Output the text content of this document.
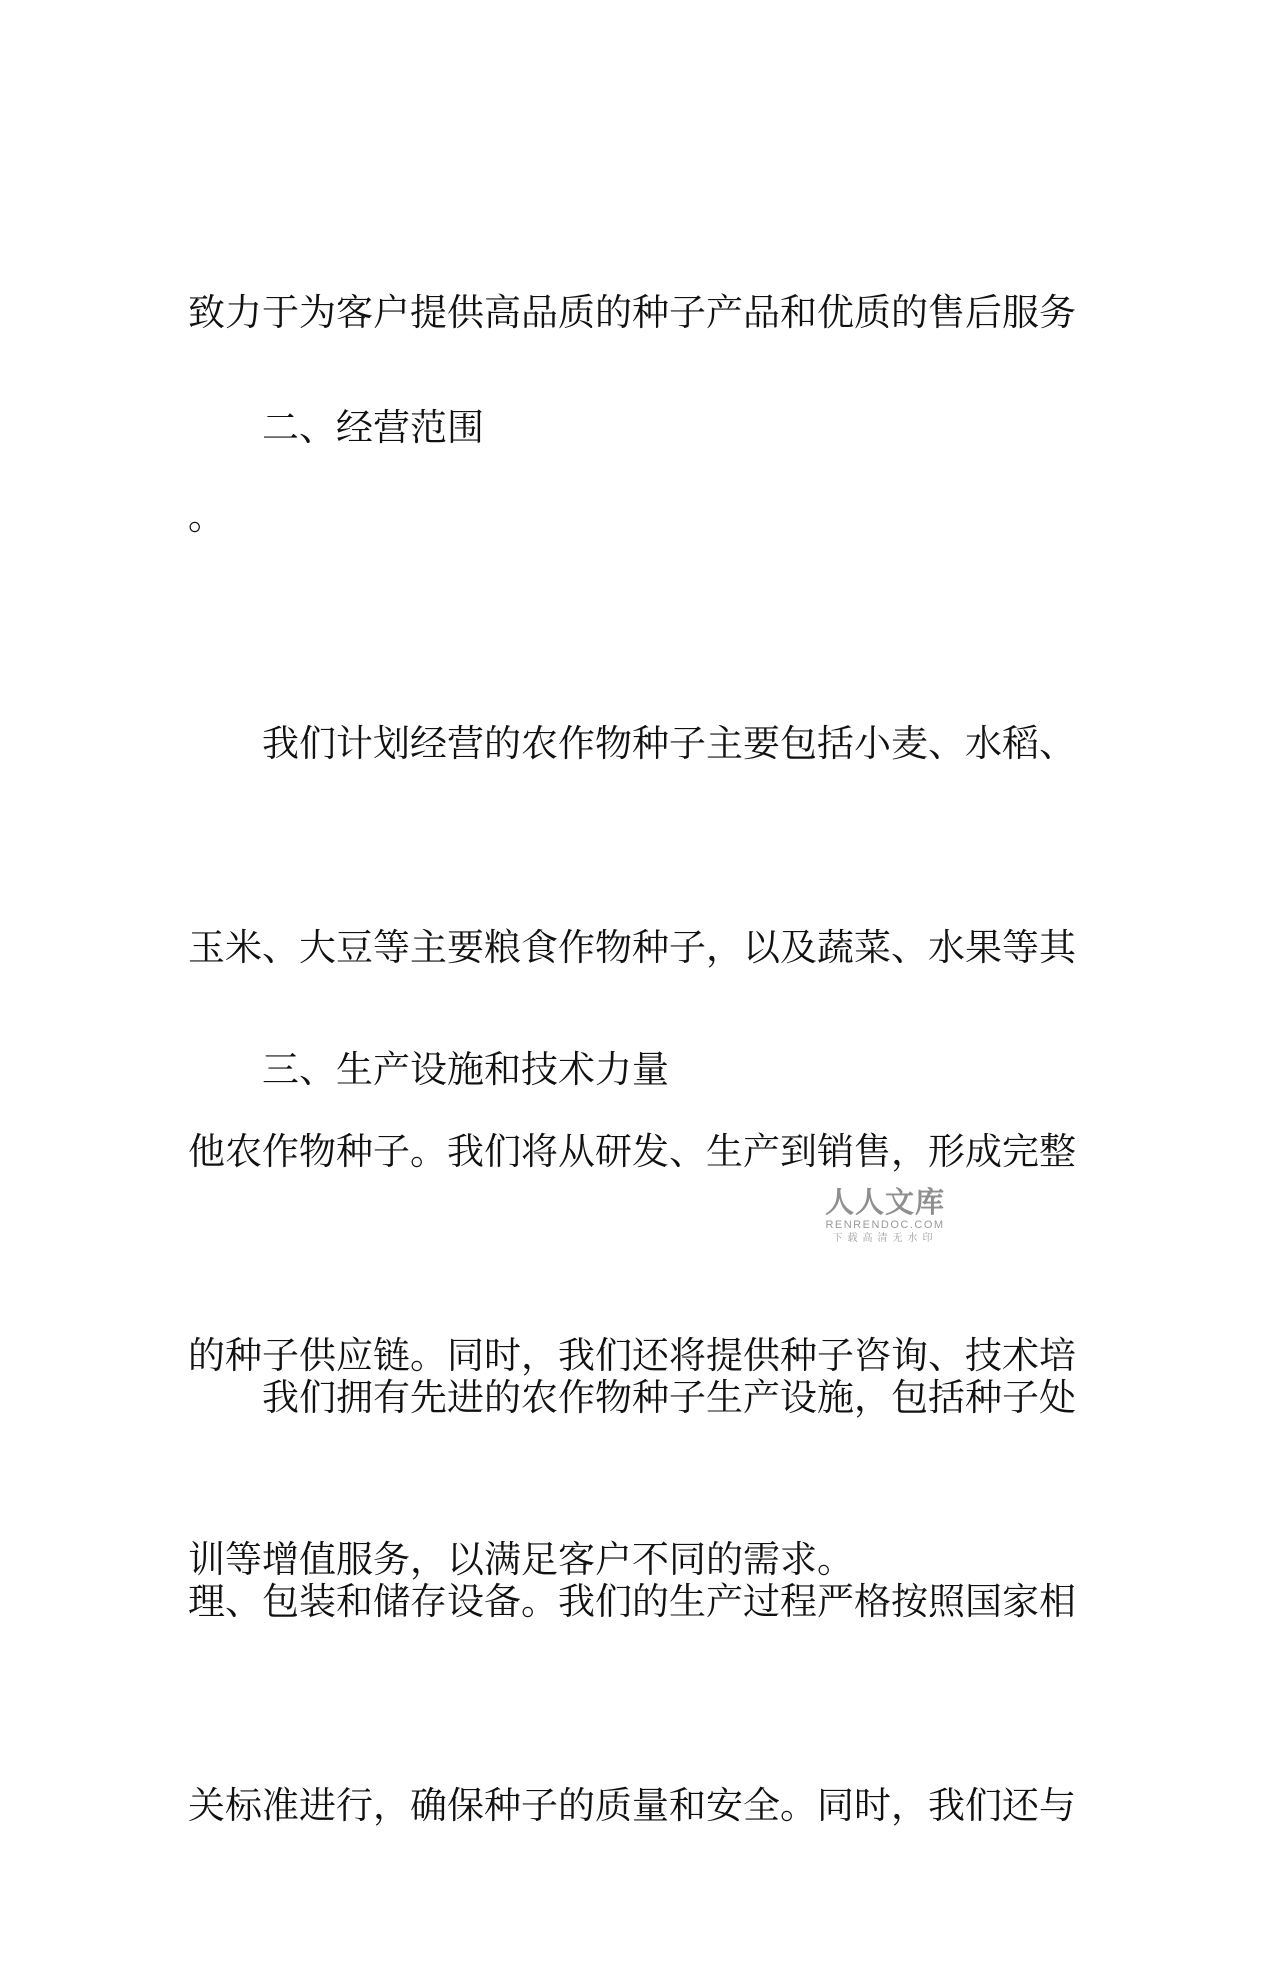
致力于为客户提供高品质的种子产品和优质的售后服务

。

二、经营范围

　　我们计划经营的农作物种子主要包括小麦、水稻、

玉米、大豆等主要粮食作物种子，以及蔬菜、水果等其

他农作物种子。我们将从研发、生产到销售，形成完整

的种子供应链。同时，我们还将提供种子咨询、技术培

训等增值服务，以满足客户不同的需求。

三、生产设施和技术力量
人人文库
RENRENDOC.COM
下载高清无水印

　　我们拥有先进的农作物种子生产设施，包括种子处

理、包装和储存设备。我们的生产过程严格按照国家相

关标准进行，确保种子的质量和安全。同时，我们还与
